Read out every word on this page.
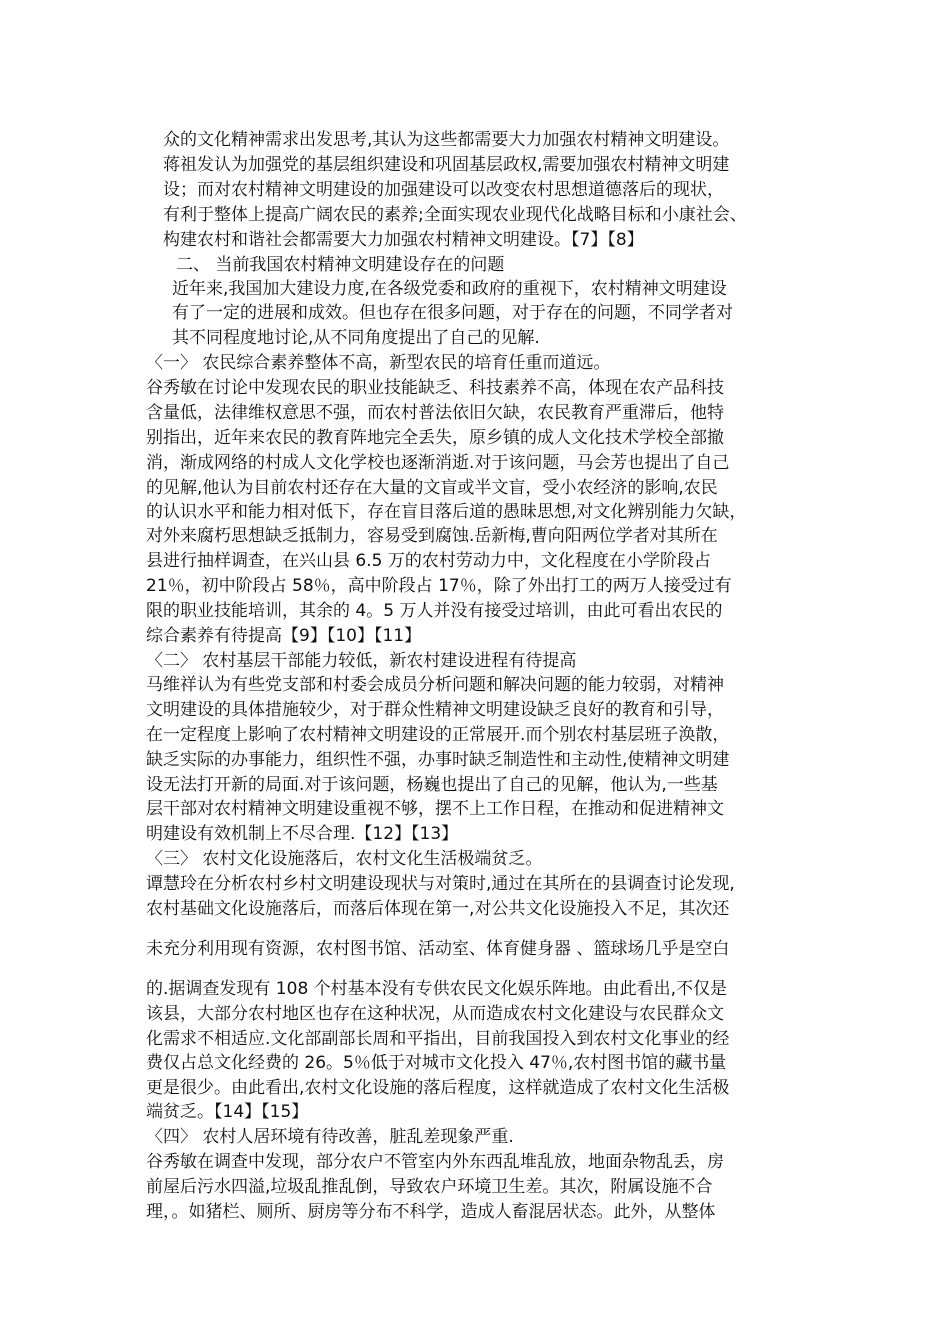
众的文化精神需求出发思考,其认为这些都需要大力加强农村精神文明建设。
蒋祖发认为加强党的基层组织建设和巩固基层政权,需要加强农村精神文明建
设；而对农村精神文明建设的加强建设可以改变农村思想道德落后的现状，
有利于整体上提高广阔农民的素养;全面实现农业现代化战略目标和小康社会、
构建农村和谐社会都需要大力加强农村精神文明建设。【7】【8】
二、 当前我国农村精神文明建设存在的问题
近年来,我国加大建设力度,在各级党委和政府的重视下，农村精神文明建设
有了一定的进展和成效。但也存在很多问题，对于存在的问题，不同学者对
其不同程度地讨论,从不同角度提出了自己的见解.
〈一〉 农民综合素养整体不高，新型农民的培育任重而道远。
谷秀敏在讨论中发现农民的职业技能缺乏、科技素养不高，体现在农产品科技
含量低，法律维权意思不强，而农村普法依旧欠缺，农民教育严重滞后，他特
别指出，近年来农民的教育阵地完全丢失，原乡镇的成人文化技术学校全部撤
消，渐成网络的村成人文化学校也逐渐消逝.对于该问题，马会芳也提出了自己
的见解,他认为目前农村还存在大量的文盲或半文盲，受小农经济的影响,农民
的认识水平和能力相对低下，存在盲目落后道的愚昧思想,对文化辨别能力欠缺，
对外来腐朽思想缺乏抵制力，容易受到腐蚀.岳新梅,曹向阳两位学者对其所在
县进行抽样调查，在兴山县 6.5 万的农村劳动力中，文化程度在小学阶段占
21％，初中阶段占 58％，高中阶段占 17％，除了外出打工的两万人接受过有
限的职业技能培训，其余的 4。5 万人并没有接受过培训，由此可看出农民的
综合素养有待提高【9】【10】【11】
〈二〉 农村基层干部能力较低，新农村建设进程有待提高
马维祥认为有些党支部和村委会成员分析问题和解决问题的能力较弱，对精神
文明建设的具体措施较少，对于群众性精神文明建设缺乏良好的教育和引导，
在一定程度上影响了农村精神文明建设的正常展开.而个别农村基层班子涣散，
缺乏实际的办事能力，组织性不强，办事时缺乏制造性和主动性,使精神文明建
设无法打开新的局面.对于该问题，杨巍也提出了自己的见解，他认为,一些基
层干部对农村精神文明建设重视不够，摆不上工作日程，在推动和促进精神文
明建设有效机制上不尽合理.【12】【13】
〈三〉 农村文化设施落后，农村文化生活极端贫乏。
谭慧玲在分析农村乡村文明建设现状与对策时,通过在其所在的县调查讨论发现,
农村基础文化设施落后，而落后体现在第一,对公共文化设施投入不足，其次还
未充分利用现有资源，农村图书馆、活动室、体育健身器 、篮球场几乎是空白
的.据调查发现有 108 个村基本没有专供农民文化娱乐阵地。由此看出,不仅是
该县，大部分农村地区也存在这种状况，从而造成农村文化建设与农民群众文
化需求不相适应.文化部副部长周和平指出，目前我国投入到农村文化事业的经
费仅占总文化经费的 26。5％低于对城市文化投入 47％,农村图书馆的藏书量
更是很少。由此看出,农村文化设施的落后程度，这样就造成了农村文化生活极
端贫乏。【14】【15】
〈四〉 农村人居环境有待改善，脏乱差现象严重.
谷秀敏在调查中发现，部分农户不管室内外东西乱堆乱放，地面杂物乱丢，房
前屋后污水四溢,垃圾乱推乱倒，导致农户环境卫生差。其次，附属设施不合
理，。如猪栏、厕所、厨房等分布不科学，造成人畜混居状态。此外，从整体
